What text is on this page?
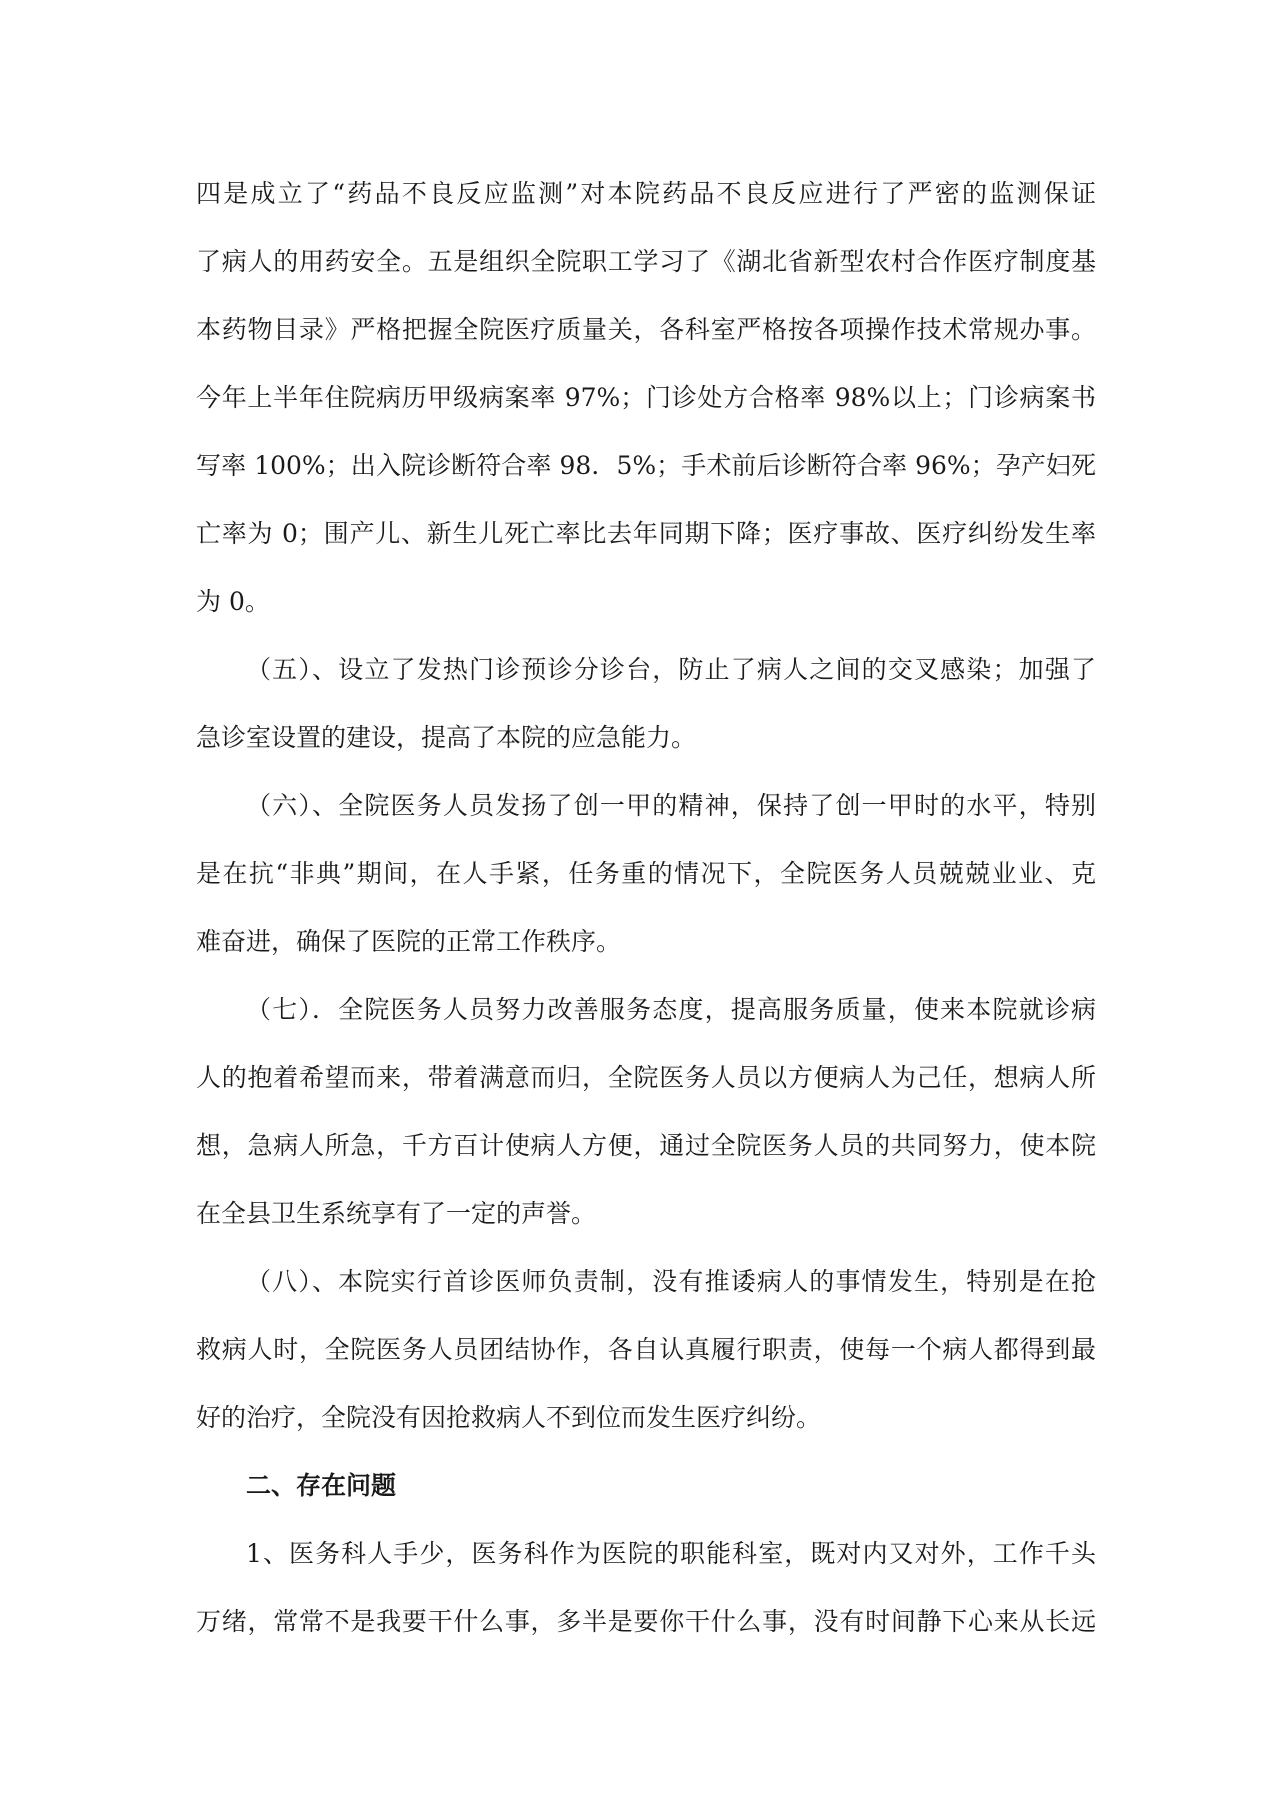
四是成立了“药品不良反应监测”对本院药品不良反应进行了严密的监测保证
了病人的用药安全。五是组织全院职工学习了《湖北省新型农村合作医疗制度基
本药物目录》严格把握全院医疗质量关，各科室严格按各项操作技术常规办事。
今年上半年住院病历甲级病案率 97%；门诊处方合格率 98%以上；门诊病案书
写率 100%；出入院诊断符合率 98．5%；手术前后诊断符合率 96%；孕产妇死
亡率为 0；围产儿、新生儿死亡率比去年同期下降；医疗事故、医疗纠纷发生率
为 0。
（五）、设立了发热门诊预诊分诊台，防止了病人之间的交叉感染；加强了
急诊室设置的建设，提高了本院的应急能力。
（六）、全院医务人员发扬了创一甲的精神，保持了创一甲时的水平，特别
是在抗“非典”期间，在人手紧，任务重的情况下，全院医务人员兢兢业业、克
难奋进，确保了医院的正常工作秩序。
（七）．全院医务人员努力改善服务态度，提高服务质量，使来本院就诊病
人的抱着希望而来，带着满意而归，全院医务人员以方便病人为己任，想病人所
想，急病人所急，千方百计使病人方便，通过全院医务人员的共同努力，使本院
在全县卫生系统享有了一定的声誉。
（八）、本院实行首诊医师负责制，没有推诿病人的事情发生，特别是在抢
救病人时，全院医务人员团结协作，各自认真履行职责，使每一个病人都得到最
好的治疗，全院没有因抢救病人不到位而发生医疗纠纷。
二、存在问题
1、医务科人手少，医务科作为医院的职能科室，既对内又对外，工作千头
万绪，常常不是我要干什么事，多半是要你干什么事，没有时间静下心来从长远
